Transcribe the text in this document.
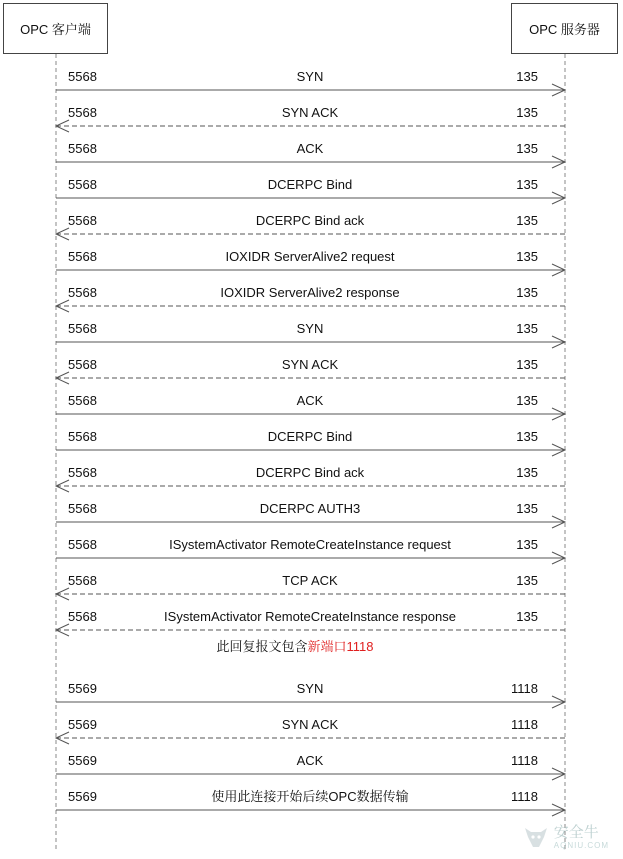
OPC 客户端	OPC 服务器
5568	SYN	135
5568	SYN ACK	135
5568	ACK	135
5568	DCERPC Bind	135
5568	DCERPC Bind ack	135
5568	IOXIDR ServerAlive2 request	135
5568	IOXIDR ServerAlive2 response	135
5568	SYN	135
5568	SYN ACK	135
5568	ACK	135
5568	DCERPC Bind	135
5568	DCERPC Bind ack	135
5568	DCERPC AUTH3	135
5568	ISystemActivator RemoteCreateInstance request	135
5568	TCP ACK	135
5568	ISystemActivator RemoteCreateInstance response	135
5569	SYN	1118
5569	SYN ACK	1118
5569	ACK	1118
5569	使用此连接开始后续OPC数据传输	1118
此回复报文包含新端口1118
安全牛
AQNIU.COM
